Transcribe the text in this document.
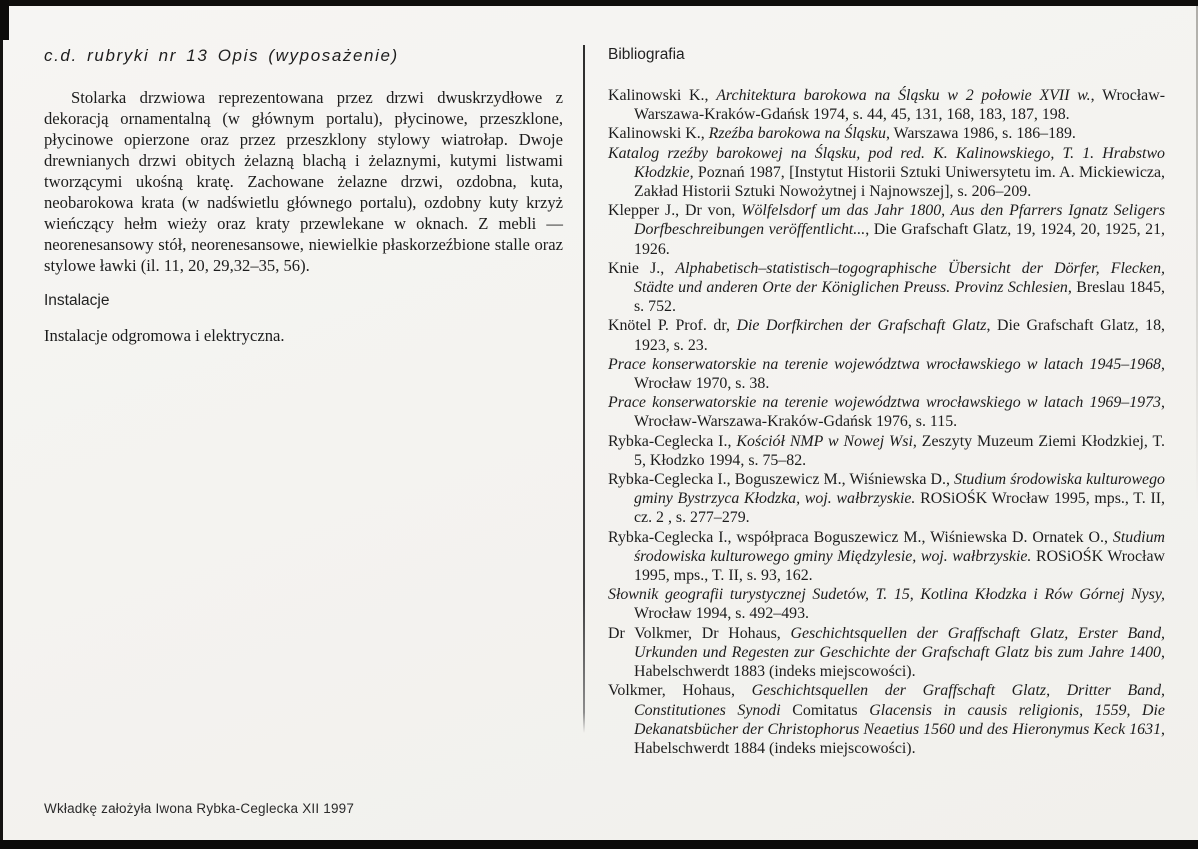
c.d. rubryki nr 13 Opis (wyposażenie)

Stolarka drzwiowa reprezentowana przez drzwi dwuskrzydłowe z dekoracją ornamentalną (w głównym portalu), płycinowe, przeszklone, płycinowe opierzone oraz przez przeszklony stylowy wiatrołap. Dwoje drewnianych drzwi obitych żelazną blachą i żelaznymi, kutymi listwami tworzącymi ukośną kratę. Zachowane żelazne drzwi, ozdobna, kuta, neobarokowa krata (w nadświetlu głównego portalu), ozdobny kuty krzyż wieńczący hełm wieży oraz kraty przewlekane w oknach. Z mebli — neorenesansowy stół, neorenesansowe, niewielkie płaskorzeźbione stalle oraz stylowe ławki (il. 11, 20, 29,32–35, 56).

Instalacje

Instalacje odgromowa i elektryczna.

Bibliografia
Kalinowski K., Architektura barokowa na Śląsku w 2 połowie XVII w., Wrocław-Warszawa-Kraków-Gdańsk 1974, s. 44, 45, 131, 168, 183, 187, 198.
Kalinowski K., Rzeźba barokowa na Śląsku, Warszawa 1986, s. 186–189.
Katalog rzeźby barokowej na Śląsku, pod red. K. Kalinowskiego, T. 1. Hrabstwo Kłodzkie, Poznań 1987, [Instytut Historii Sztuki Uniwersytetu im. A. Mickiewicza, Zakład Historii Sztuki Nowożytnej i Najnowszej], s. 206–209.
Klepper J., Dr von, Wölfelsdorf um das Jahr 1800, Aus den Pfarrers Ignatz Seligers Dorfbeschreibungen veröffentlicht..., Die Grafschaft Glatz, 19, 1924, 20, 1925, 21, 1926.
Knie J., Alphabetisch–statistisch–togographische Übersicht der Dörfer, Flecken, Städte und anderen Orte der Königlichen Preuss. Provinz Schlesien, Breslau 1845, s. 752.
Knötel P. Prof. dr, Die Dorfkirchen der Grafschaft Glatz, Die Grafschaft Glatz, 18, 1923, s. 23.
Prace konserwatorskie na terenie województwa wrocławskiego w latach 1945–1968, Wrocław 1970, s. 38.
Prace konserwatorskie na terenie województwa wrocławskiego w latach 1969–1973, Wrocław-Warszawa-Kraków-Gdańsk 1976, s. 115.
Rybka-Ceglecka I., Kościół NMP w Nowej Wsi, Zeszyty Muzeum Ziemi Kłodzkiej, T. 5, Kłodzko 1994, s. 75–82.
Rybka-Ceglecka I., Boguszewicz M., Wiśniewska D., Studium środowiska kulturowego gminy Bystrzyca Kłodzka, woj. wałbrzyskie. ROSiOŚK Wrocław 1995, mps., T. II, cz. 2 , s. 277–279.
Rybka-Ceglecka I., współpraca Boguszewicz M., Wiśniewska D. Ornatek O., Studium środowiska kulturowego gminy Międzylesie, woj. wałbrzyskie. ROSiOŚK Wrocław 1995, mps., T. II, s. 93, 162.
Słownik geografii turystycznej Sudetów, T. 15, Kotlina Kłodzka i Rów Górnej Nysy, Wrocław 1994, s. 492–493.
Dr Volkmer, Dr Hohaus, Geschichtsquellen der Graffschaft Glatz, Erster Band, Urkunden und Regesten zur Geschichte der Grafschaft Glatz bis zum Jahre 1400, Habelschwerdt 1883 (indeks miejscowości).
Volkmer, Hohaus, Geschichtsquellen der Graffschaft Glatz, Dritter Band, Constitutiones Synodi Comitatus Glacensis in causis religionis, 1559, Die Dekanatsbücher der Christophorus Neaetius 1560 und des Hieronymus Keck 1631, Habelschwerdt 1884 (indeks miejscowości).
Wkładkę założyła Iwona Rybka-Ceglecka XII 1997
